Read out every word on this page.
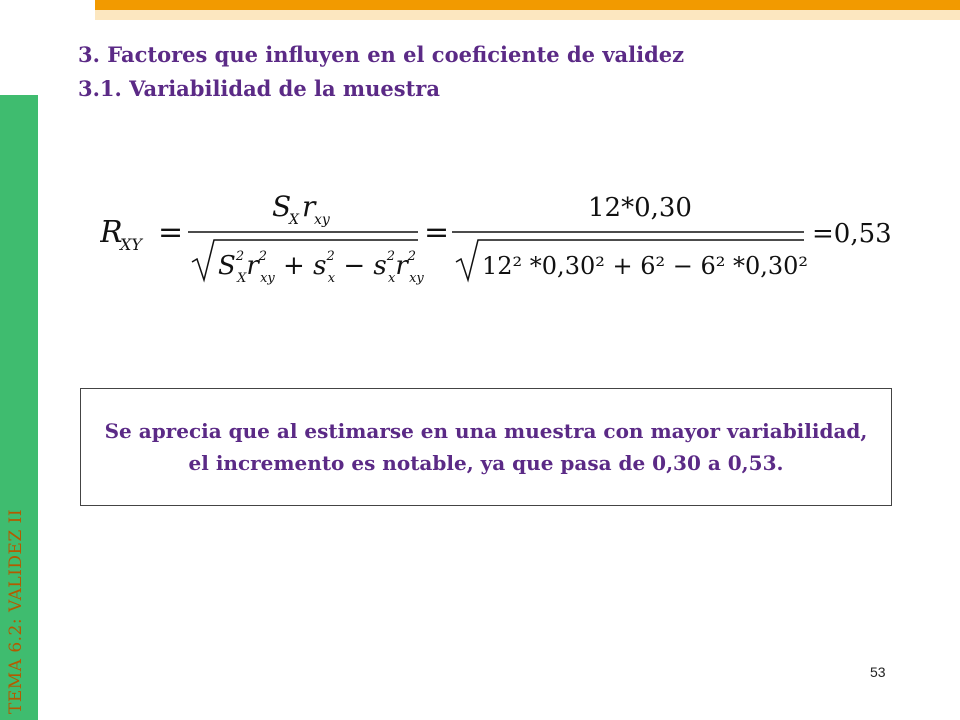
TEMA 6.2: VALIDEZ II
3. Factores que influyen en el coeficiente de validez
3.1. Variabilidad de la muestra
R
XY =
S
X r
xy
$S^2$ Xr$^2$ xy + $s^2$ $x - s^2$ $xr^2$ xy
=
12*0,30
12² *0,30² + 6² − 6² *0,30²
=0,53
Se aprecia que al estimarse en una muestra con mayor variabilidad, el incremento es notable, ya que pasa de 0,30 a 0,53.
53
